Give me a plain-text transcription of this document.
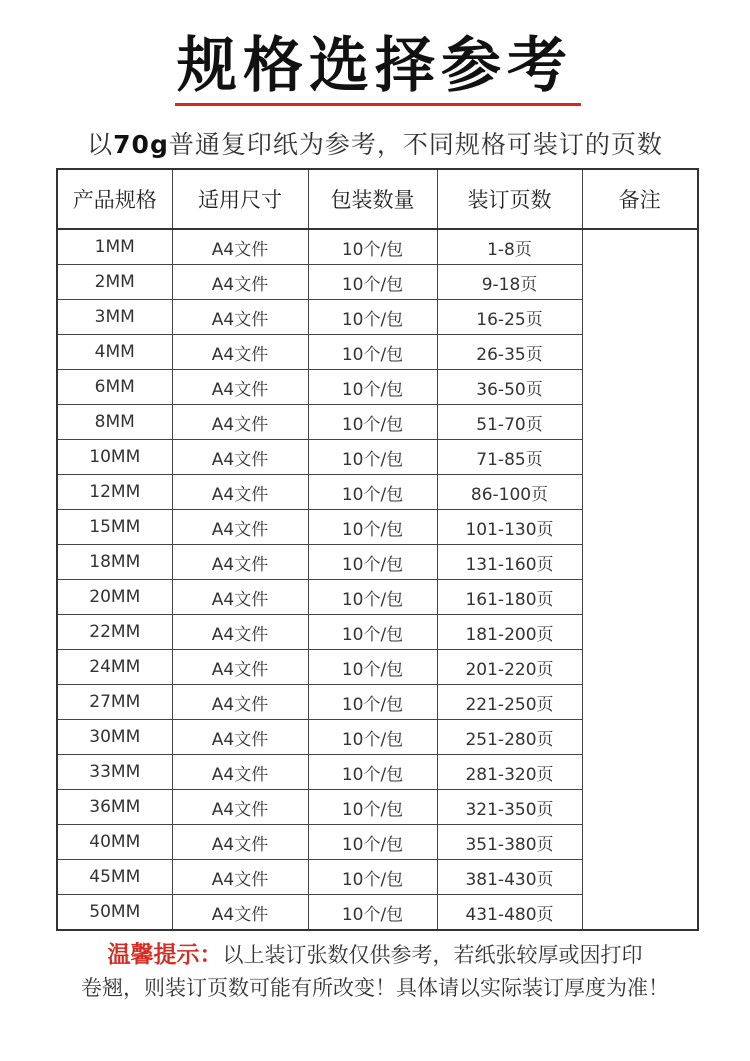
规格选择参考
以70g普通复印纸为参考，不同规格可装订的页数
产品规格	适用尺寸	包装数量	装订页数	备注
1MM	A4文件	10个/包	1-8页	
2MM	A4文件	10个/包	9-18页	
3MM	A4文件	10个/包	16-25页	
4MM	A4文件	10个/包	26-35页	
6MM	A4文件	10个/包	36-50页	
8MM	A4文件	10个/包	51-70页	
10MM	A4文件	10个/包	71-85页	
12MM	A4文件	10个/包	86-100页	
15MM	A4文件	10个/包	101-130页	
18MM	A4文件	10个/包	131-160页	
20MM	A4文件	10个/包	161-180页	
22MM	A4文件	10个/包	181-200页	
24MM	A4文件	10个/包	201-220页	
27MM	A4文件	10个/包	221-250页	
30MM	A4文件	10个/包	251-280页	
33MM	A4文件	10个/包	281-320页	
36MM	A4文件	10个/包	321-350页	
40MM	A4文件	10个/包	351-380页	
45MM	A4文件	10个/包	381-430页	
50MM	A4文件	10个/包	431-480页	
温馨提示：以上装订张数仅供参考，若纸张较厚或因打印
卷翘，则装订页数可能有所改变！具体请以实际装订厚度为准！
